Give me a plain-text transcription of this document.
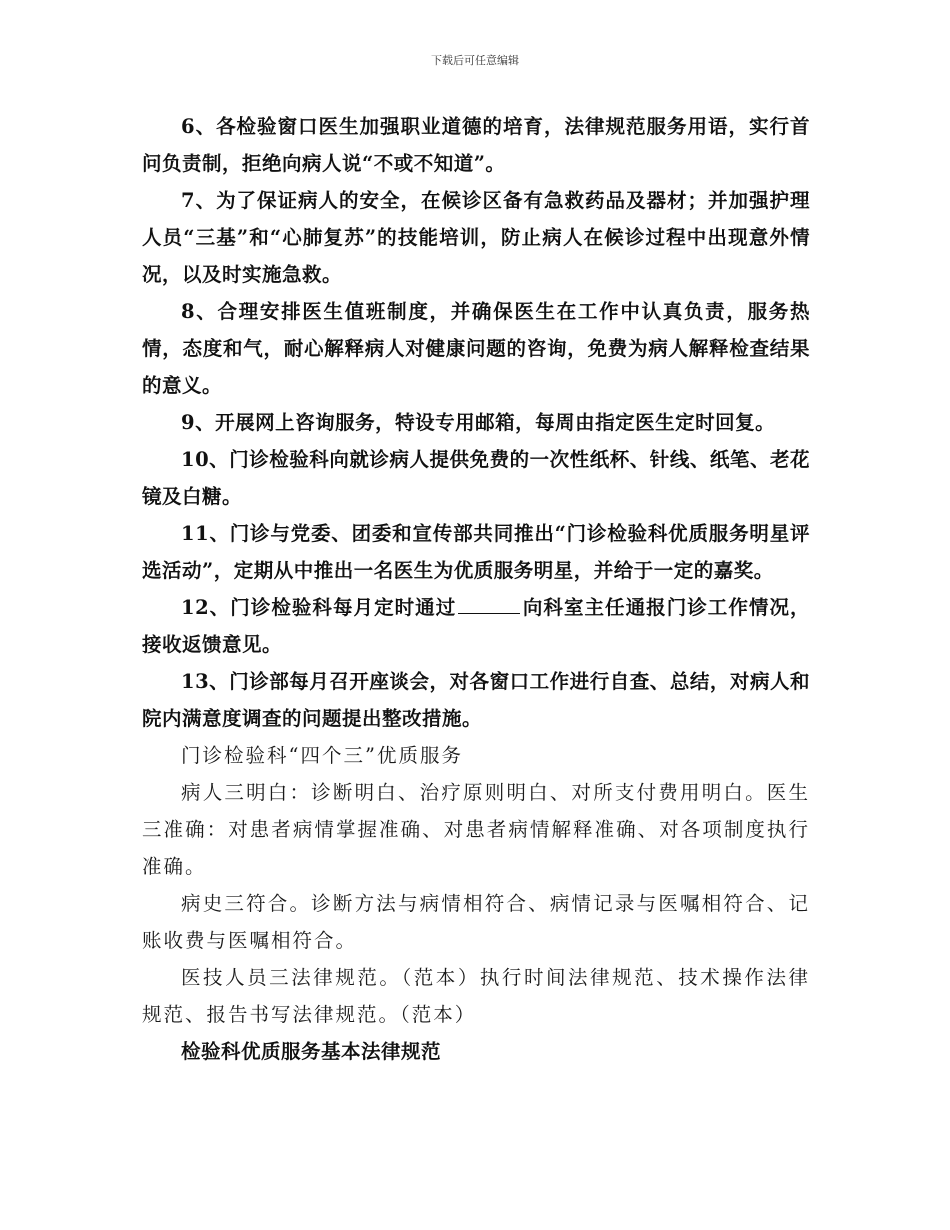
下载后可任意编辑

6、各检验窗口医生加强职业道德的培育，法律规范服务用语，实行首问负责制，拒绝向病人说“不或不知道”。

7、为了保证病人的安全，在候诊区备有急救药品及器材；并加强护理人员“三基”和“心肺复苏”的技能培训，防止病人在候诊过程中出现意外情况，以及时实施急救。

8、合理安排医生值班制度，并确保医生在工作中认真负责，服务热情，态度和气，耐心解释病人对健康问题的咨询，免费为病人解释检查结果的意义。

9、开展网上咨询服务，特设专用邮箱，每周由指定医生定时回复。

10、门诊检验科向就诊病人提供免费的一次性纸杯、针线、纸笔、老花镜及白糖。

11、门诊与党委、团委和宣传部共同推出“门诊检验科优质服务明星评选活动”，定期从中推出一名医生为优质服务明星，并给于一定的嘉奖。

12、门诊检验科每月定时通过	向科室主任通报门诊工作情况，接收返馈意见。

13、门诊部每月召开座谈会，对各窗口工作进行自查、总结，对病人和院内满意度调查的问题提出整改措施。

门诊检验科“四个三”优质服务

病人三明白：诊断明白、治疗原则明白、对所支付费用明白。医生三准确：对患者病情掌握准确、对患者病情解释准确、对各项制度执行准确。

病史三符合。诊断方法与病情相符合、病情记录与医嘱相符合、记账收费与医嘱相符合。

医技人员三法律规范。（范本）执行时间法律规范、技术操作法律规范、报告书写法律规范。（范本）

检验科优质服务基本法律规范
